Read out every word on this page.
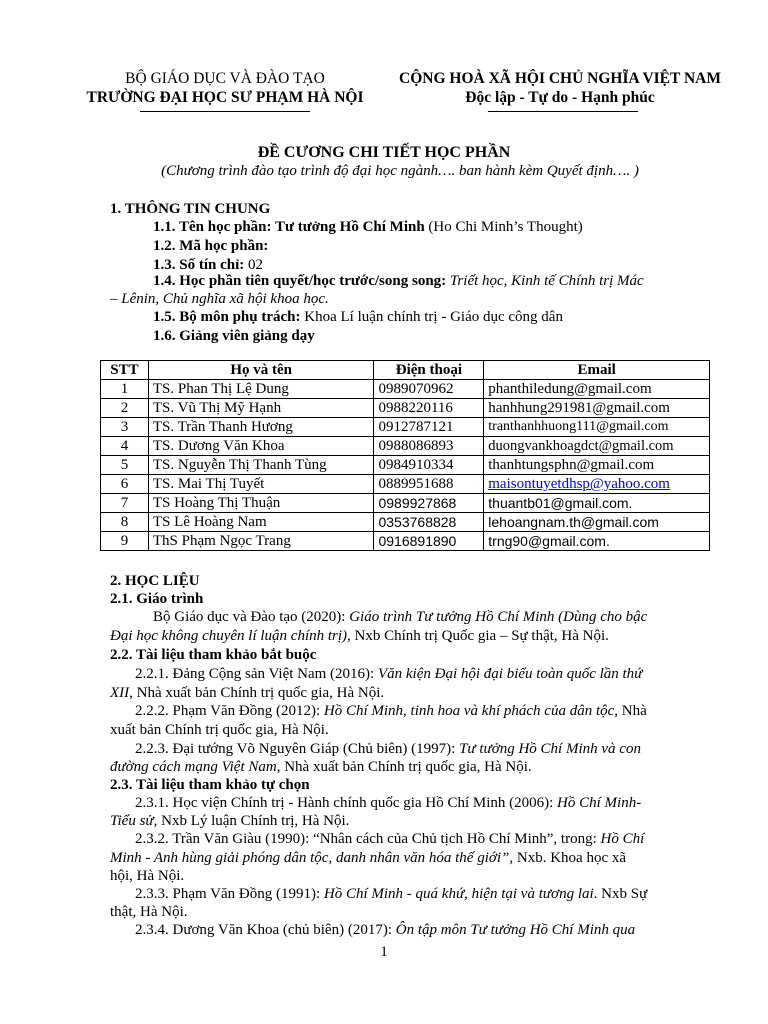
BỘ GIÁO DỤC VÀ ĐÀO TẠO
TRƯỜNG ĐẠI HỌC SƯ PHẠM HÀ NỘI
CỘNG HOÀ XÃ HỘI CHỦ NGHĨA VIỆT NAM
Độc lập - Tự do - Hạnh phúc
ĐỀ CƯƠNG CHI TIẾT HỌC PHẦN
(Chương trình đào tạo trình độ đại học ngành…. ban hành kèm Quyết định…. )
1. THÔNG TIN CHUNG
1.1. Tên học phần: Tư tưởng Hồ Chí Minh (Ho Chi Minh’s Thought)
1.2. Mã học phần:
1.3. Số tín chỉ: 02
1.4. Học phần tiên quyết/học trước/song song: Triết học, Kinh tế Chính trị Mác
– Lênin, Chủ nghĩa xã hội khoa học.
1.5. Bộ môn phụ trách: Khoa Lí luận chính trị - Giáo dục công dân
1.6. Giảng viên giảng dạy
STT	Họ và tên	Điện thoại	Email
1	TS. Phan Thị Lệ Dung	0989070962	phanthiledung@gmail.com
2	TS. Vũ Thị Mỹ Hạnh	0988220116	hanhhung291981@gmail.com
3	TS. Trần Thanh Hương	0912787121	tranthanhhuong111@gmail.com
4	TS. Dương Văn Khoa	0988086893	duongvankhoagdct@gmail.com
5	TS. Nguyễn Thị Thanh Tùng	0984910334	thanhtungsphn@gmail.com
6	TS. Mai Thị Tuyết	0889951688	maisontuyetdhsp@yahoo.com
7	TS Hoàng Thị Thuận	0989927868	thuantb01@gmail.com.
8	TS Lê Hoàng Nam	0353768828	lehoangnam.th@gmail.com
9	ThS Phạm Ngọc Trang	0916891890	trng90@gmail.com.
2. HỌC LIỆU
2.1. Giáo trình
Bộ Giáo dục và Đào tạo (2020): Giáo trình Tư tưởng Hồ Chí Minh (Dùng cho bậc
Đại học không chuyên lí luận chính trị), Nxb Chính trị Quốc gia – Sự thật, Hà Nội.
2.2. Tài liệu tham khảo bắt buộc
2.2.1. Đảng Cộng sản Việt Nam (2016): Văn kiện Đại hội đại biểu toàn quốc lần thứ
XII, Nhà xuất bản Chính trị quốc gia, Hà Nội.
2.2.2. Phạm Văn Đồng (2012): Hồ Chí Minh, tinh hoa và khí phách của dân tộc, Nhà
xuất bản Chính trị quốc gia, Hà Nội.
2.2.3. Đại tướng Võ Nguyên Giáp (Chủ biên) (1997): Tư tưởng Hồ Chí Minh và con
đường cách mạng Việt Nam, Nhà xuất bản Chính trị quốc gia, Hà Nội.
2.3. Tài liệu tham khảo tự chọn
2.3.1. Học viện Chính trị - Hành chính quốc gia Hồ Chí Minh (2006): Hồ Chí Minh-
Tiểu sử, Nxb Lý luận Chính trị, Hà Nội.
2.3.2. Trần Văn Giàu (1990): “Nhân cách của Chủ tịch Hồ Chí Minh”, trong: Hồ Chí
Minh - Anh hùng giải phóng dân tộc, danh nhân văn hóa thế giới”, Nxb. Khoa học xã
hội, Hà Nội.
2.3.3. Phạm Văn Đồng (1991): Hồ Chí Minh - quá khứ, hiện tại và tương lai. Nxb Sự
thật, Hà Nội.
2.3.4. Dương Văn Khoa (chủ biên) (2017): Ôn tập môn Tư tưởng Hồ Chí Minh qua
1
